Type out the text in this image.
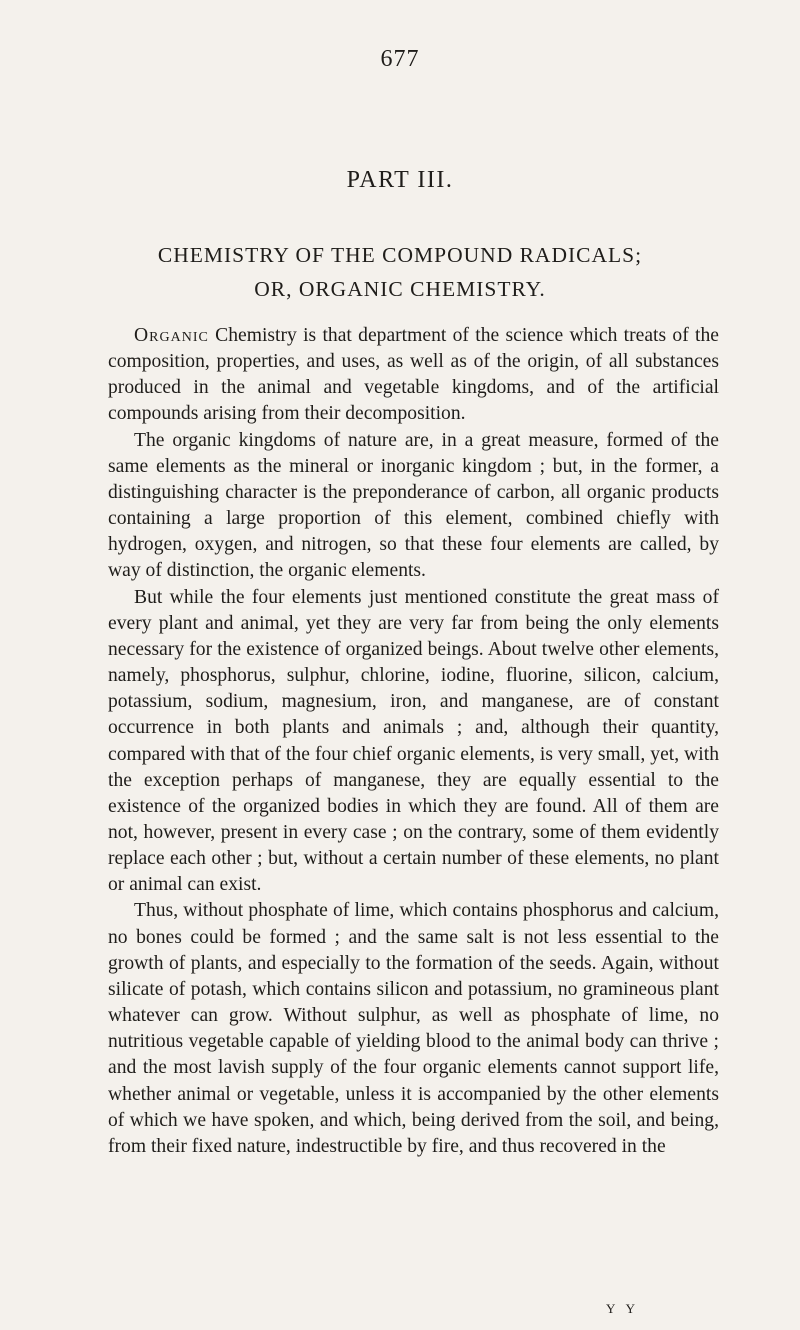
677
PART III.
CHEMISTRY OF THE COMPOUND RADICALS;
OR, ORGANIC CHEMISTRY.

Organic Chemistry is that department of the science which treats of the composition, properties, and uses, as well as of the origin, of all substances produced in the animal and vegetable kingdoms, and of the artificial compounds arising from their decomposition.

The organic kingdoms of nature are, in a great measure, formed of the same elements as the mineral or inorganic kingdom ; but, in the former, a distinguishing character is the preponderance of carbon, all organic products containing a large proportion of this element, combined chiefly with hydrogen, oxygen, and nitrogen, so that these four elements are called, by way of distinction, the organic elements.

But while the four elements just mentioned constitute the great mass of every plant and animal, yet they are very far from being the only elements necessary for the existence of organized beings. About twelve other elements, namely, phosphorus, sulphur, chlorine, iodine, fluorine, silicon, calcium, potassium, sodium, magnesium, iron, and manganese, are of constant occurrence in both plants and animals ; and, although their quantity, compared with that of the four chief organic elements, is very small, yet, with the exception perhaps of manganese, they are equally essential to the existence of the organized bodies in which they are found. All of them are not, however, present in every case ; on the contrary, some of them evidently replace each other ; but, without a certain number of these elements, no plant or animal can exist.

Thus, without phosphate of lime, which contains phosphorus and calcium, no bones could be formed ; and the same salt is not less essential to the growth of plants, and especially to the formation of the seeds. Again, without silicate of potash, which contains silicon and potassium, no gramineous plant whatever can grow. Without sulphur, as well as phosphate of lime, no nutritious vegetable capable of yielding blood to the animal body can thrive ; and the most lavish supply of the four organic elements cannot support life, whether animal or vegetable, unless it is accompanied by the other elements of which we have spoken, and which, being derived from the soil, and being, from their fixed nature, indestructible by fire, and thus recovered in the

Y Y
